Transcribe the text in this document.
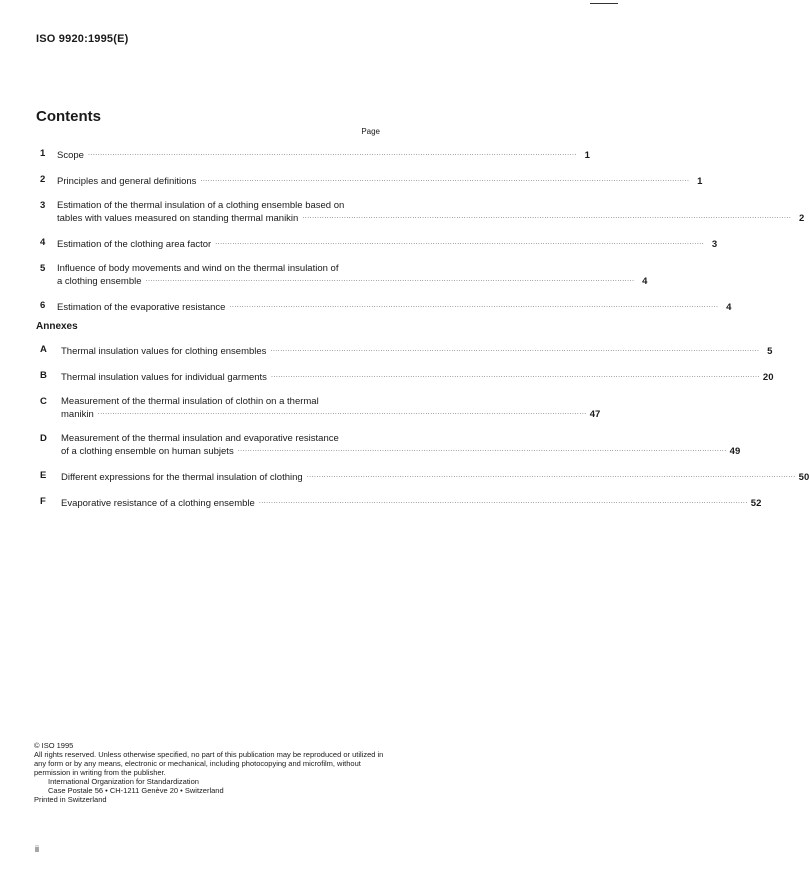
ISO 9920:1995(E)
Contents
Page
1	Scope ........................................................................................................................................................................................................ 1
2	Principles and general definitions ........................................................................................................................................................................................................ 1
3	Estimation of the thermal insulation of a clothing ensemble based on
tables with values measured on standing thermal manikin ........................................................................................................................................................................................................ 2
4	Estimation of the clothing area factor ........................................................................................................................................................................................................ 3
5	Influence of body movements and wind on the thermal insulation of
a clothing ensemble ........................................................................................................................................................................................................ 4
6	Estimation of the evaporative resistance ........................................................................................................................................................................................................ 4
Annexes
A	Thermal insulation values for clothing ensembles ........................................................................................................................................................................................................ 5
B	Thermal insulation values for individual garments ........................................................................................................................................................................................................ 20
C	Measurement of the thermal insulation of clothin on a thermal
manikin ........................................................................................................................................................................................................ 47
D	Measurement of the thermal insulation and evaporative resistance
of a clothing ensemble on human subjets ........................................................................................................................................................................................................ 49
E	Different expressions for the thermal insulation of clothing ........................................................................................................................................................................................................ 50
F	Evaporative resistance of a clothing ensemble ........................................................................................................................................................................................................ 52
© ISO 1995
All rights reserved. Unless otherwise specified, no part of this publication may be reproduced or utilized in any form or by any means, electronic or mechanical, including photocopying and microfilm, without permission in writing from the publisher.
International Organization for Standardization
Case Postale 56 • CH-1211 Genève 20 • Switzerland
Printed in Switzerland
ii
